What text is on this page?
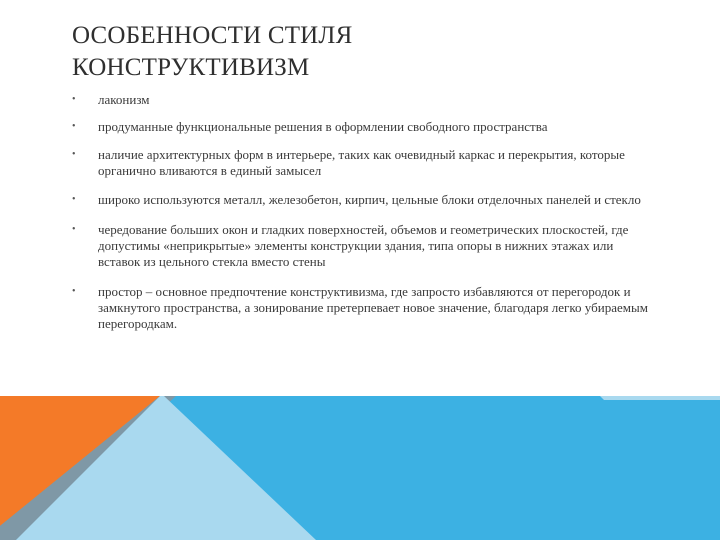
ОСОБЕННОСТИ СТИЛЯ
КОНСТРУКТИВИЗМ
• лаконизм
• продуманные функциональные решения в оформлении свободного пространства
• наличие архитектурных форм в интерьере, таких как очевидный каркас и перекрытия, которые органично вливаются в единый замысел
• широко используются металл, железобетон, кирпич, цельные блоки отделочных панелей и стекло
• чередование больших окон и гладких поверхностей, объемов и геометрических плоскостей, где допустимы «неприкрытые» элементы конструкции здания, типа опоры в нижних этажах или вставок из цельного стекла вместо стены
• простор – основное предпочтение конструктивизма, где запросто избавляются от перегородок и замкнутого пространства, а зонирование претерпевает новое значение, благодаря легко убираемым перегородкам.
